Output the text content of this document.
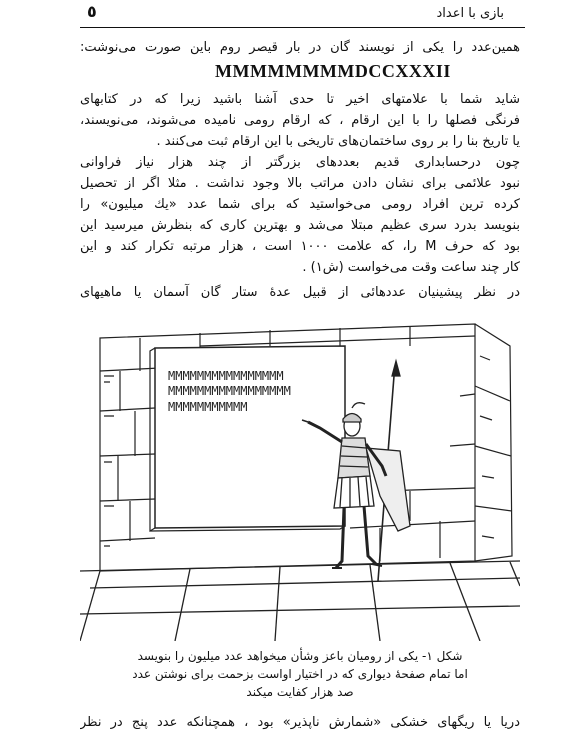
٥	بازی با اعداد
همین‌عدد را یکی از نویسند گان در بار قیصر روم باین صورت می‌نوشت:
MMMMMMMMDCCXXXII
شاید شما با علامتهای اخیر تا حدی آشنا باشید زیرا که در کتابهای
فرنگی فصلها را با این ارقام ، که ارقام رومی نامیده می‌شوند، می‌نویسند،
یا تاریخ بنا را بر روی ساختمان‌های تاریخی با این ارقام ثبت می‌کنند .
چون درحسابداری قدیم بعددهای بزرگتر از چند هزار نیاز فراوانی
نبود علائمی برای نشان دادن مراتب بالا وجود نداشت . مثلا اگر از تحصیل
کرده ترین افراد رومی می‌خواستید که برای شما عدد «یك میلیون» را
بنویسد بدرد سری عظیم مبتلا می‌شد و بهترین کاری که بنظرش میرسید این
بود که حرف M را، که علامت ۱۰۰۰ است ، هزار مرتبه تکرار کند و این
کار چند ساعت وقت می‌خواست (ش۱) .
در نظر پیشینیان عددهائی از قبیل عدهٔ ستار گان آسمان یا ماهیهای
MMMMMMMMMMMMMMMM
MMMMMMMMMMMMMMMMM
MMMMMMMMMMM
شکل ۱- یکی از رومیان باعز وشأن میخواهد عدد میلیون را بنویسد
اما تمام صفحهٔ دیواری که در اختیار اواست بزحمت برای نوشتن عدد
صد هزار کفایت میکند
دریا یا ریگهای خشکی «شمارش ناپذیر» بود ، همچنانکه عدد پنج در نظر
